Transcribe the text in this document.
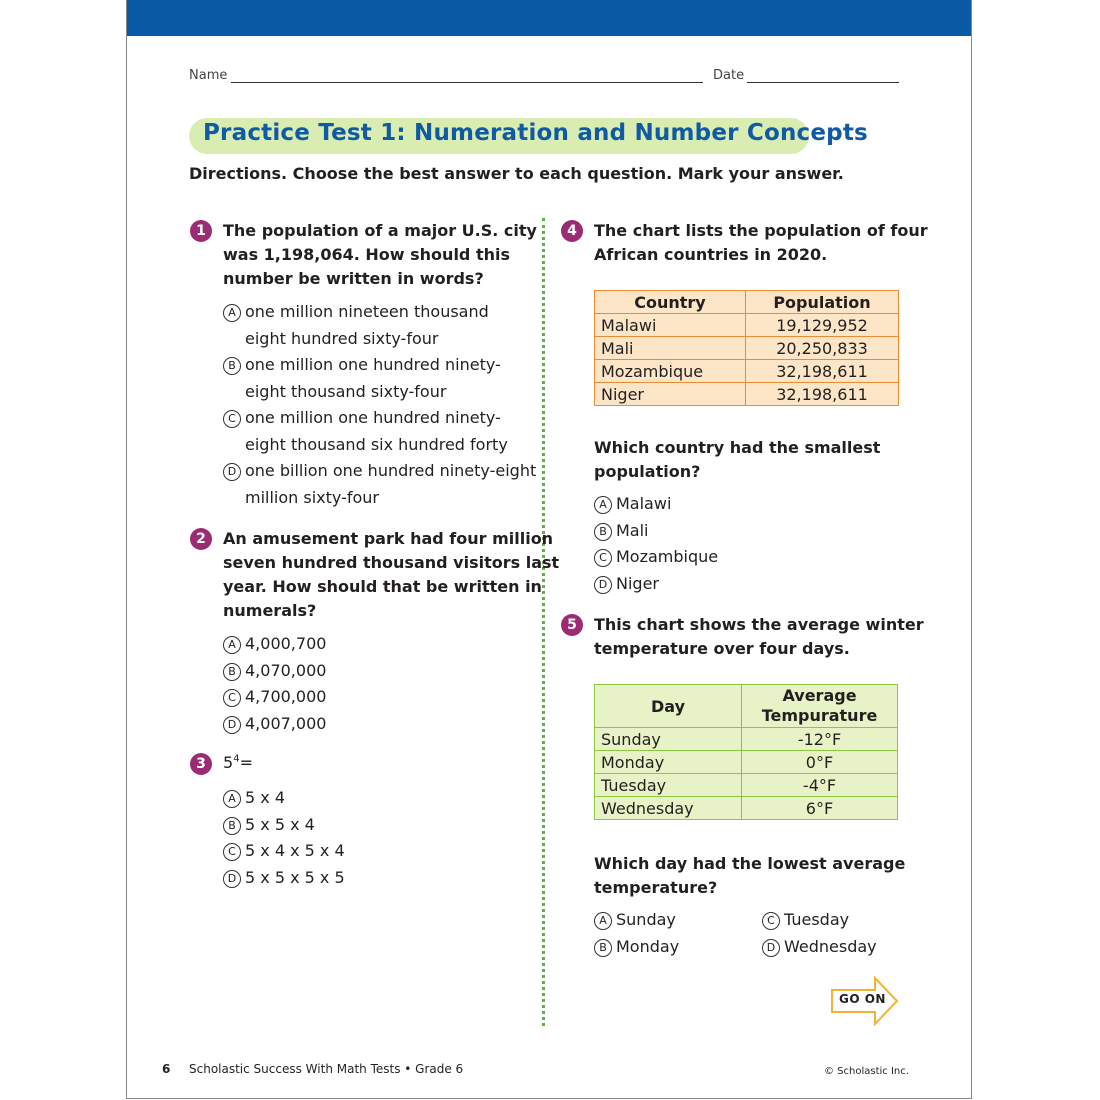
Name	Date
Practice Test 1: Numeration and Number Concepts
Directions. Choose the best answer to each question. Mark your answer.
1	The population of a major U.S. city
was 1,198,064. How should this
number be written in words?
A one million nineteen thousand
eight hundred sixty-four
B one million one hundred ninety-
eight thousand sixty-four
C one million one hundred ninety-
eight thousand six hundred forty
D one billion one hundred ninety-eight
million sixty-four
2	An amusement park had four million
seven hundred thousand visitors last
year. How should that be written in
numerals?
A 4,000,700
B 4,070,000
C 4,700,000
D 4,007,000
3	$5^4=$
A 5 x 4
B 5 x 5 x 4
C 5 x 4 x 5 x 4
D 5 x 5 x 5 x 5
4	The chart lists the population of four
African countries in 2020.
Country	Population
Malawi	19,129,952
Mali	20,250,833
Mozambique	32,198,611
Niger	32,198,611
Which country had the smallest
population?
A Malawi
B Mali
C Mozambique
D Niger
5	This chart shows the average winter
temperature over four days.
Day	Average
Tempurature

Sunday	-12°F
Monday	0°F
Tuesday	-4°F
Wednesday	6°F
Which day had the lowest average
temperature?
A Sunday
B Monday
C Tuesday
D Wednesday
GO ON
6 Scholastic Success With Math Tests • Grade 6	© Scholastic Inc.
